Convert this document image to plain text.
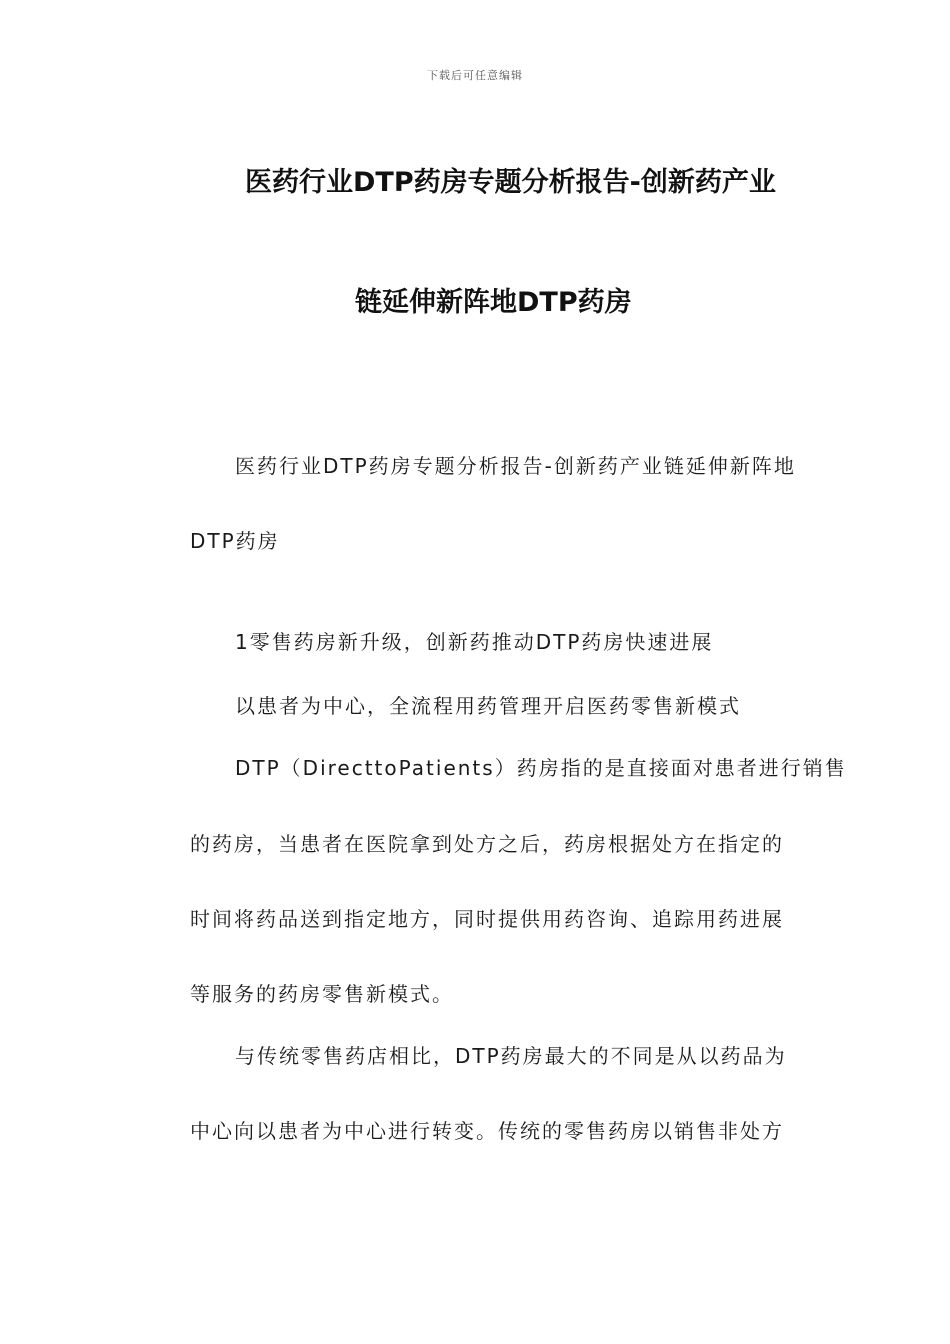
下载后可任意编辑
医药行业DTP药房专题分析报告-创新药产业
链延伸新阵地DTP药房
医药行业DTP药房专题分析报告-创新药产业链延伸新阵地
DTP药房
1零售药房新升级，创新药推动DTP药房快速进展
以患者为中心，全流程用药管理开启医药零售新模式
DTP（DirecttoPatients）药房指的是直接面对患者进行销售
的药房，当患者在医院拿到处方之后，药房根据处方在指定的
时间将药品送到指定地方，同时提供用药咨询、追踪用药进展
等服务的药房零售新模式。
与传统零售药店相比，DTP药房最大的不同是从以药品为
中心向以患者为中心进行转变。传统的零售药房以销售非处方
